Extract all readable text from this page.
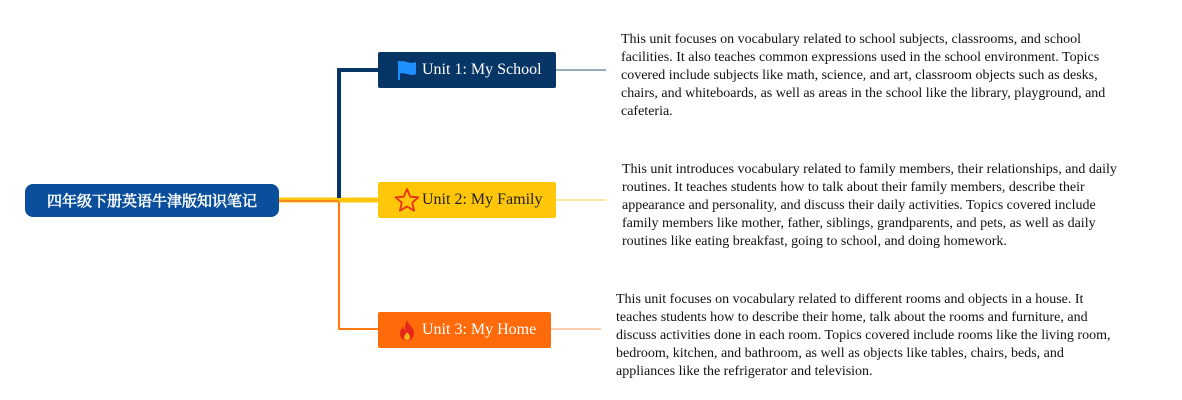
四年级下册英语牛津版知识笔记
Unit 1: My School
Unit 2: My Family
Unit 3: My Home
This unit focuses on vocabulary related to school subjects, classrooms, and school facilities. It also teaches common expressions used in the school environment. Topics covered include subjects like math, science, and art, classroom objects such as desks, chairs, and whiteboards, as well as areas in the school like the library, playground, and cafeteria.
This unit introduces vocabulary related to family members, their relationships, and daily routines. It teaches students how to talk about their family members, describe their appearance and personality, and discuss their daily activities. Topics covered include family members like mother, father, siblings, grandparents, and pets, as well as daily routines like eating breakfast, going to school, and doing homework.
This unit focuses on vocabulary related to different rooms and objects in a house. It teaches students how to describe their home, talk about the rooms and furniture, and discuss activities done in each room. Topics covered include rooms like the living room, bedroom, kitchen, and bathroom, as well as objects like tables, chairs, beds, and appliances like the refrigerator and television.
